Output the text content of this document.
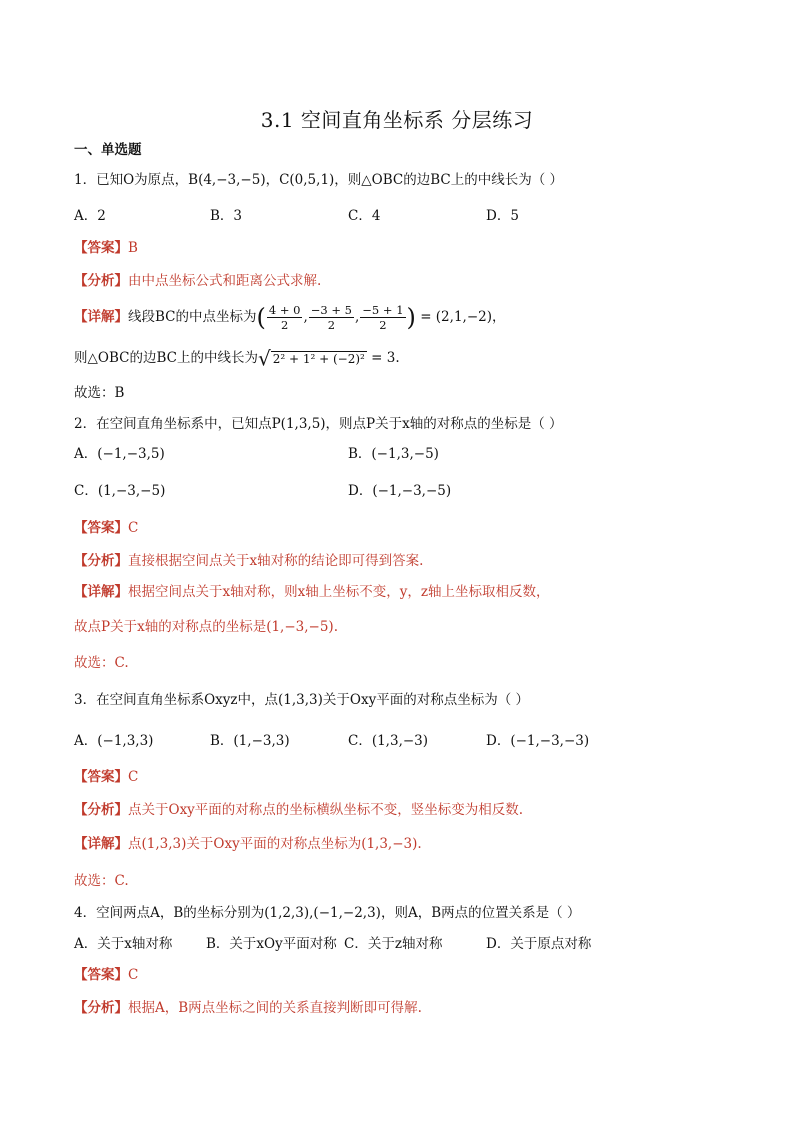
3.1 空间直角坐标系 分层练习
一、单选题
1．已知O为原点，B(4,−3,−5)，C(0,5,1)，则△OBC的边BC上的中线长为（ ）
A．2	B．3	C．4	D．5
【答案】B
【分析】由中点坐标公式和距离公式求解.
【详解】线段BC的中点坐标为( $\frac{4 + 0}{2}$ , $\frac{-3 + 5}{2}$ , $\frac{-5 + 1}{2}$ ) = (2,1,−2)，
则△OBC的边BC上的中线长为√ 2² + 1² + (−2)² = 3.
故选：B
2．在空间直角坐标系中，已知点P(1,3,5)，则点P关于x轴的对称点的坐标是（ ）
A．(−1,−3,5)	B．(−1,3,−5)
C．(1,−3,−5)	D．(−1,−3,−5)
【答案】C
【分析】直接根据空间点关于x轴对称的结论即可得到答案.
【详解】根据空间点关于x轴对称，则x轴上坐标不变，y，z轴上坐标取相反数，
故点P关于x轴的对称点的坐标是(1,−3,−5).
故选：C.
3．在空间直角坐标系Oxyz中，点(1,3,3)关于Oxy平面的对称点坐标为（ ）
A．(−1,3,3)	B．(1,−3,3)	C．(1,3,−3)	D．(−1,−3,−3)
【答案】C
【分析】点关于Oxy平面的对称点的坐标横纵坐标不变，竖坐标变为相反数.
【详解】点(1,3,3)关于Oxy平面的对称点坐标为(1,3,−3).
故选：C.
4．空间两点A，B的坐标分别为(1,2,3),(−1,−2,3)，则A，B两点的位置关系是（ ）
A．关于x轴对称 B．关于xOy平面对称 C．关于z轴对称	D．关于原点对称
【答案】C
【分析】根据A，B两点坐标之间的关系直接判断即可得解.
